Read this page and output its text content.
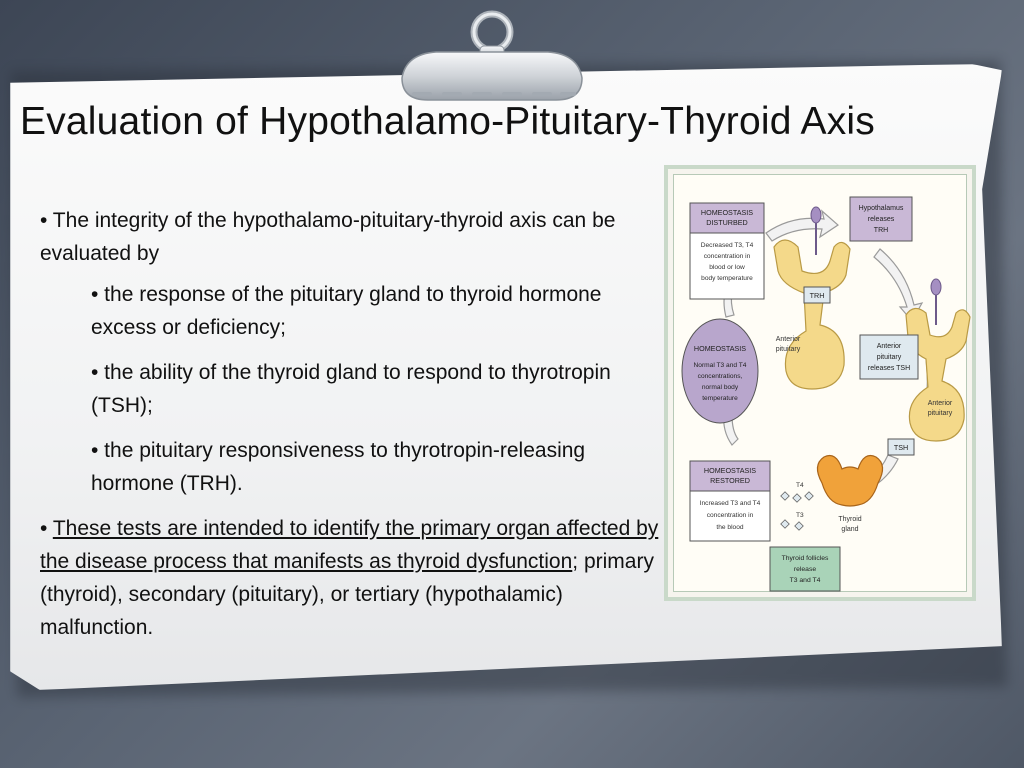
Evaluation of Hypothalamo-Pituitary-Thyroid Axis

• The integrity of the hypothalamo-pituitary-thyroid axis can be evaluated by

• the response of the pituitary gland to thyroid hormone excess or deficiency;

• the ability of the thyroid gland to respond to thyrotropin (TSH);

• the pituitary responsiveness to thyrotropin-releasing hormone (TRH).

• These tests are intended to identify the primary organ affected by the disease process that manifests as thyroid dysfunction; primary (thyroid), secondary (pituitary), or tertiary (hypothalamic) malfunction.

HOMEOSTASIS
DISTURBED
Decreased T3, T4
concentration in
blood or low
body temperature
Hypothalamus
releases
TRH
TRH
Anterior
pituitary
HOMEOSTASIS
Normal T3 and T4
concentrations,
normal body
temperature
Anterior
pituitary
releases TSH
Anterior
pituitary
TSH
HOMEOSTASIS
RESTORED
Increased T3 and T4
concentration in
the blood
T4
T3
Thyroid
gland
Thyroid follicles
release
T3 and T4
